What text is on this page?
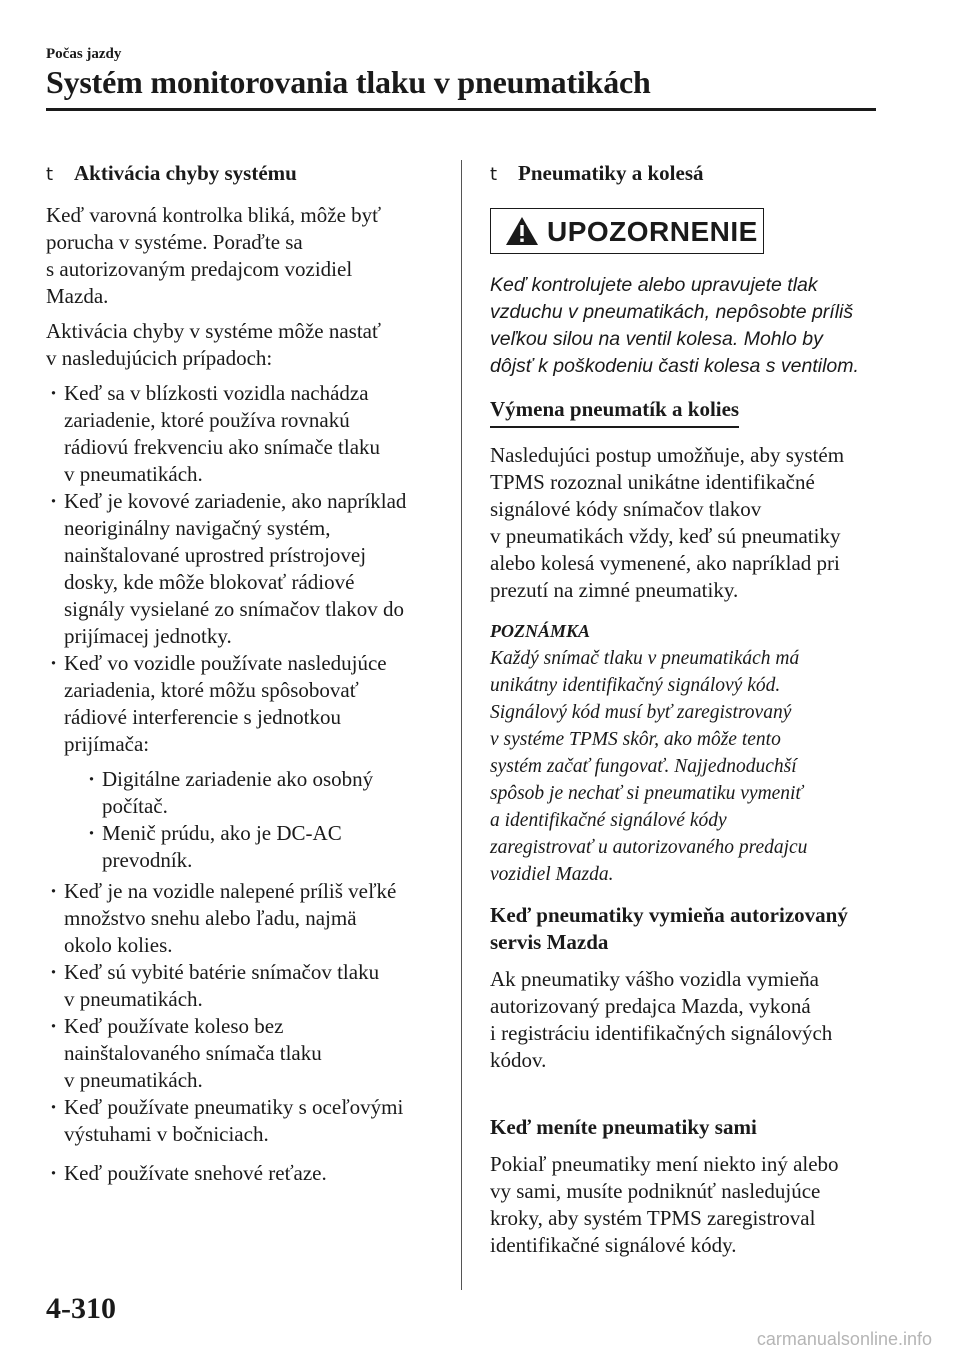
Počas jazdy
Systém monitorovania tlaku v pneumatikách
t Aktivácia chyby systému
Keď varovná kontrolka bliká, môže byť
porucha v systéme. Poraďte sa
s autorizovaným predajcom vozidiel
Mazda.
Aktivácia chyby v systéme môže nastať
v nasledujúcich prípadoch:
· Keď sa v blízkosti vozidla nachádza
zariadenie, ktoré používa rovnakú
rádiovú frekvenciu ako snímače tlaku
v pneumatikách.
· Keď je kovové zariadenie, ako napríklad
neoriginálny navigačný systém,
nainštalované uprostred prístrojovej
dosky, kde môže blokovať rádiové
signály vysielané zo snímačov tlakov do
prijímacej jednotky.
· Keď vo vozidle používate nasledujúce
zariadenia, ktoré môžu spôsobovať
rádiové interferencie s jednotkou
prijímača:
· Digitálne zariadenie ako osobný
počítač.
· Menič prúdu, ako je DC-AC
prevodník.
· Keď je na vozidle nalepené príliš veľké
množstvo snehu alebo ľadu, najmä
okolo kolies.
· Keď sú vybité batérie snímačov tlaku
v pneumatikách.
· Keď používate koleso bez
nainštalovaného snímača tlaku
v pneumatikách.
· Keď používate pneumatiky s oceľovými
výstuhami v bočniciach.
· Keď používate snehové reťaze.
t Pneumatiky a kolesá
UPOZORNENIE
Keď kontrolujete alebo upravujete tlak
vzduchu v pneumatikách, nepôsobte príliš
veľkou silou na ventil kolesa. Mohlo by
dôjsť k poškodeniu časti kolesa s ventilom.
Výmena pneumatík a kolies
Nasledujúci postup umožňuje, aby systém
TPMS rozoznal unikátne identifikačné
signálové kódy snímačov tlakov
v pneumatikách vždy, keď sú pneumatiky
alebo kolesá vymenené, ako napríklad pri
prezutí na zimné pneumatiky.
POZNÁMKA
Každý snímač tlaku v pneumatikách má
unikátny identifikačný signálový kód.
Signálový kód musí byť zaregistrovaný
v systéme TPMS skôr, ako môže tento
systém začať fungovať. Najjednoduchší
spôsob je nechať si pneumatiku vymeniť
a identifikačné signálové kódy
zaregistrovať u autorizovaného predajcu
vozidiel Mazda.
Keď pneumatiky vymieňa autorizovaný
servis Mazda
Ak pneumatiky vášho vozidla vymieňa
autorizovaný predajca Mazda, vykoná
i registráciu identifikačných signálových
kódov.
Keď meníte pneumatiky sami
Pokiaľ pneumatiky mení niekto iný alebo
vy sami, musíte podniknúť nasledujúce
kroky, aby systém TPMS zaregistroval
identifikačné signálové kódy.
4-310
carmanualsonline.info
